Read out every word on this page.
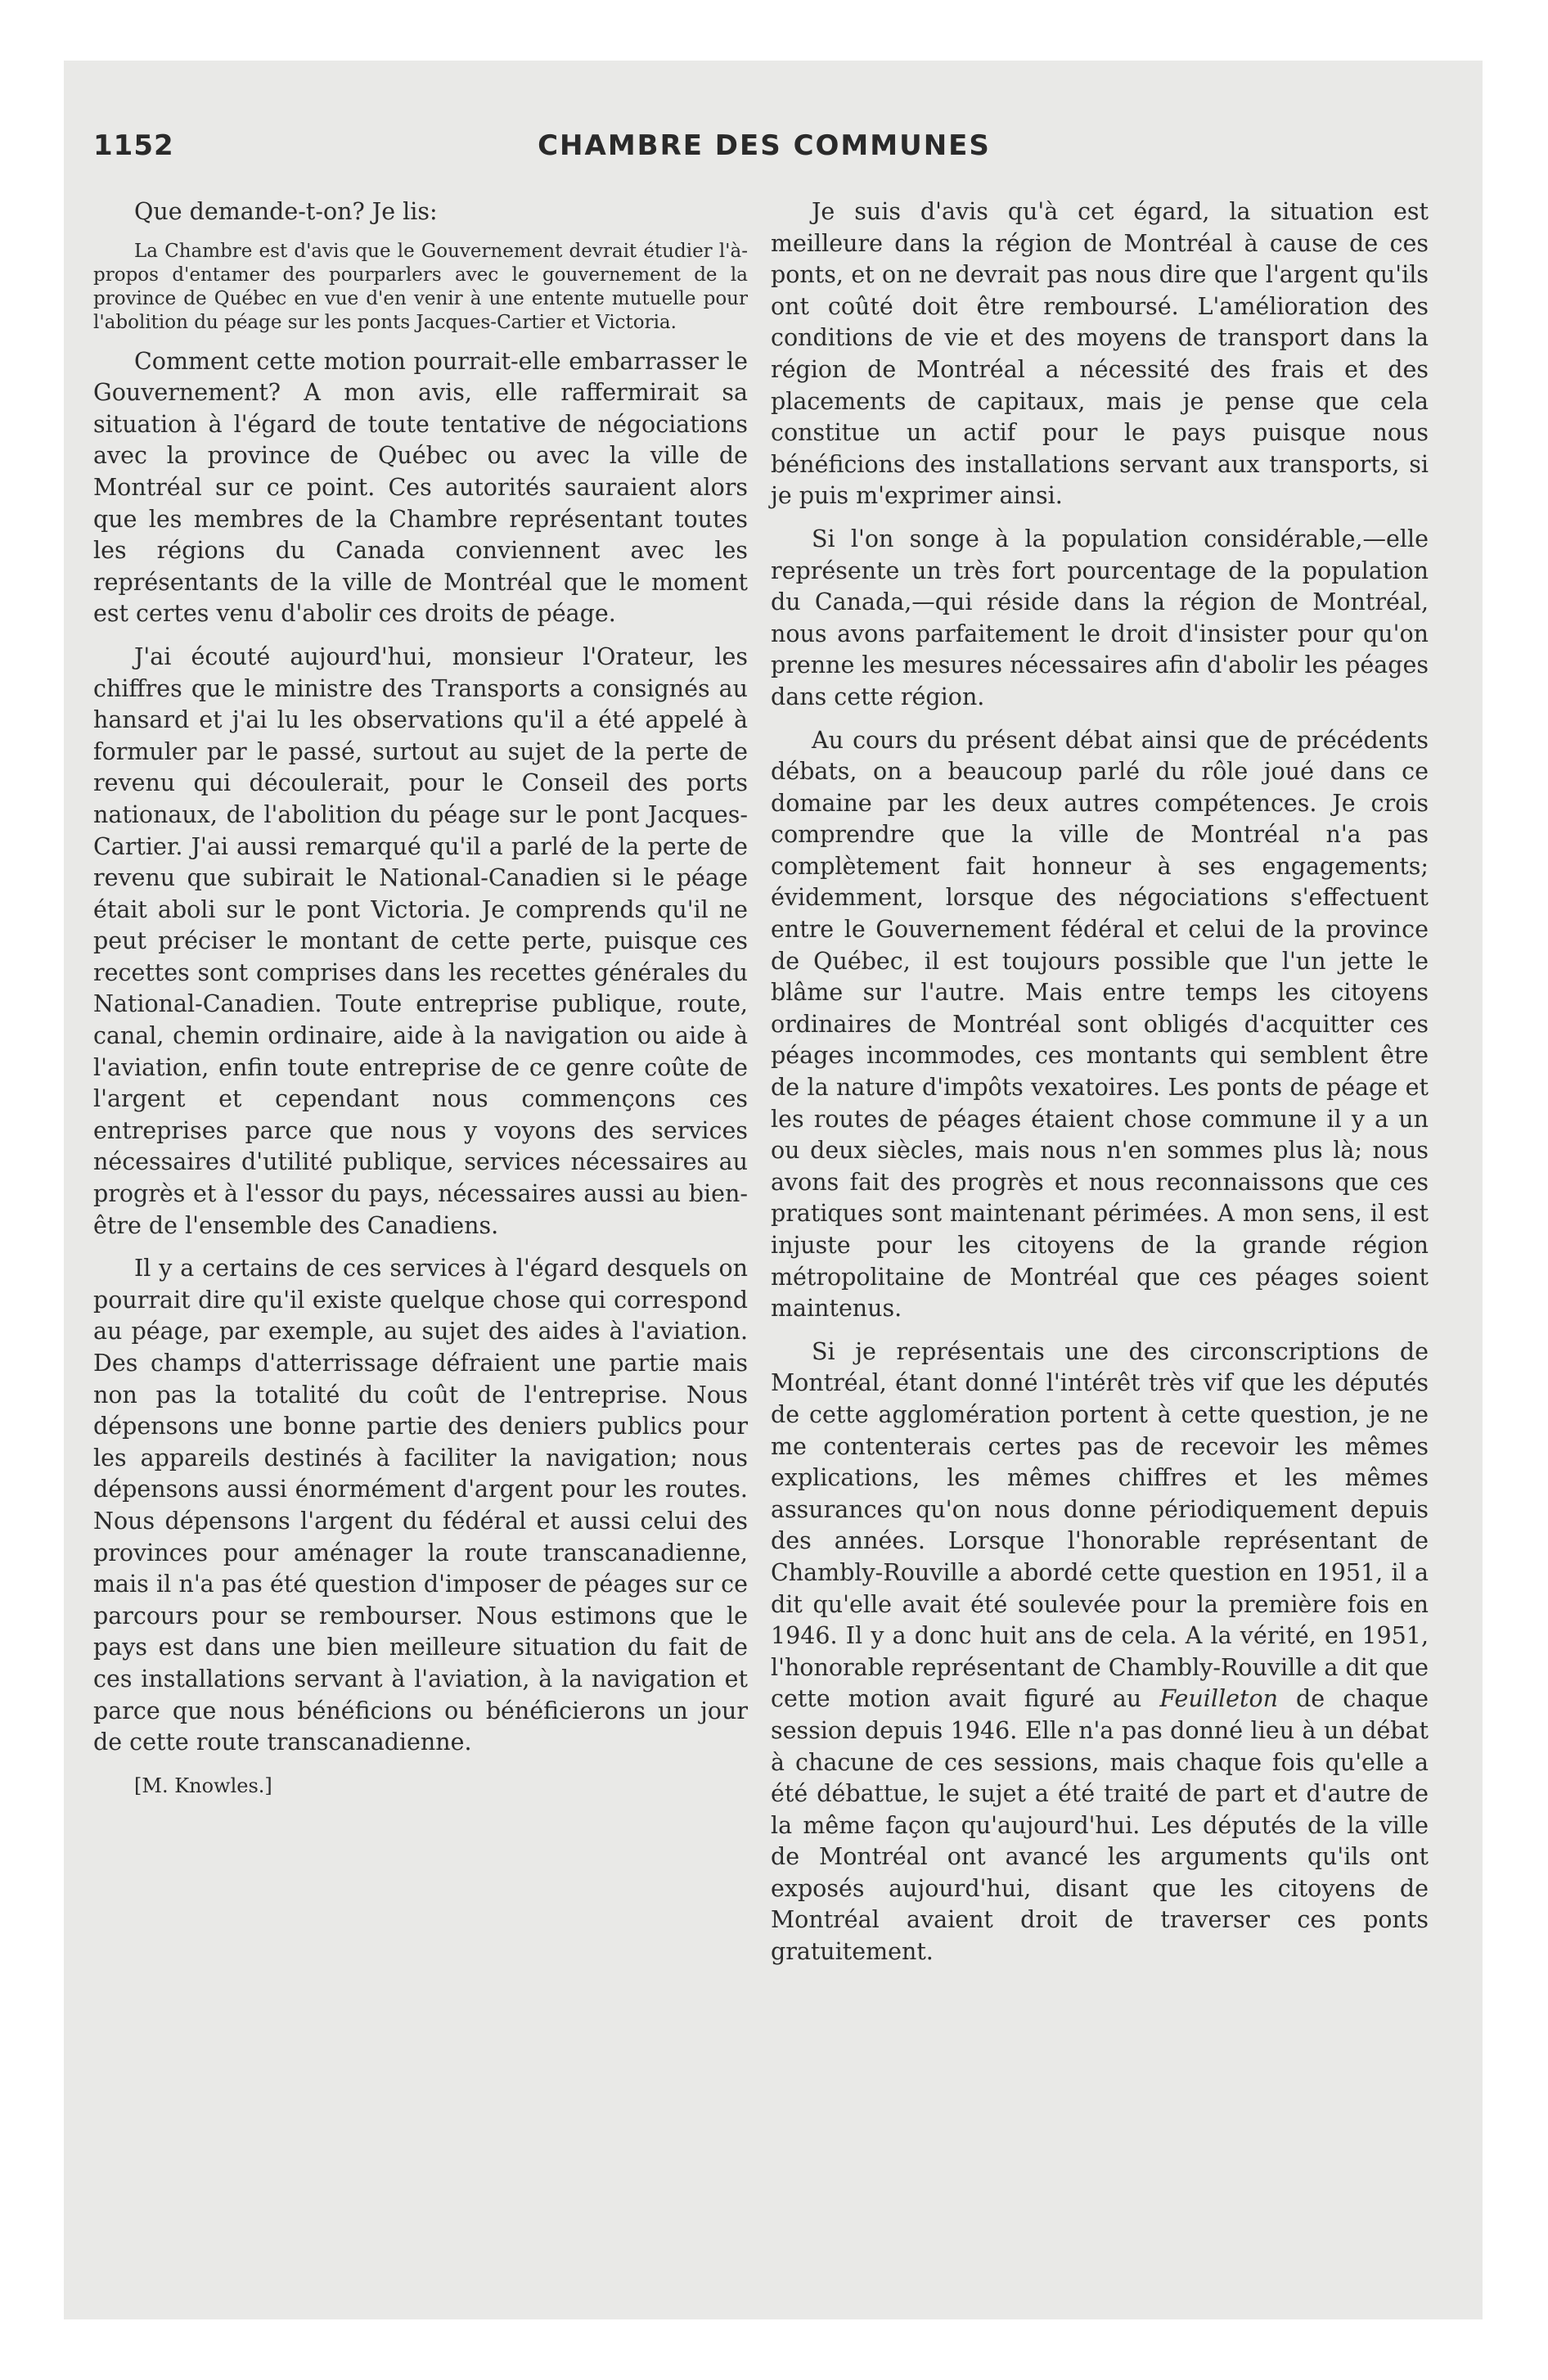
1152	CHAMBRE DES COMMUNES

Que demande-t-on? Je lis:

La Chambre est d'avis que le Gouvernement devrait étudier l'à-propos d'entamer des pourparlers avec le gouvernement de la province de Québec en vue d'en venir à une entente mutuelle pour l'abolition du péage sur les ponts Jacques-Cartier et Victoria.

Comment cette motion pourrait-elle embarrasser le Gouvernement? A mon avis, elle raffermirait sa situation à l'égard de toute tentative de négociations avec la province de Québec ou avec la ville de Montréal sur ce point. Ces autorités sauraient alors que les membres de la Chambre représentant toutes les régions du Canada conviennent avec les représentants de la ville de Montréal que le moment est certes venu d'abolir ces droits de péage.

J'ai écouté aujourd'hui, monsieur l'Orateur, les chiffres que le ministre des Transports a consignés au hansard et j'ai lu les observations qu'il a été appelé à formuler par le passé, surtout au sujet de la perte de revenu qui découlerait, pour le Conseil des ports nationaux, de l'abolition du péage sur le pont Jacques-Cartier. J'ai aussi remarqué qu'il a parlé de la perte de revenu que subirait le National-Canadien si le péage était aboli sur le pont Victoria. Je comprends qu'il ne peut préciser le montant de cette perte, puisque ces recettes sont comprises dans les recettes générales du National-Canadien. Toute entreprise publique, route, canal, chemin ordinaire, aide à la navigation ou aide à l'aviation, enfin toute entreprise de ce genre coûte de l'argent et cependant nous commençons ces entreprises parce que nous y voyons des services nécessaires d'utilité publique, services nécessaires au progrès et à l'essor du pays, nécessaires aussi au bien-être de l'ensemble des Canadiens.

Il y a certains de ces services à l'égard desquels on pourrait dire qu'il existe quelque chose qui correspond au péage, par exemple, au sujet des aides à l'aviation. Des champs d'atterrissage défraient une partie mais non pas la totalité du coût de l'entreprise. Nous dépensons une bonne partie des deniers publics pour les appareils destinés à faciliter la navigation; nous dépensons aussi énormément d'argent pour les routes. Nous dépensons l'argent du fédéral et aussi celui des provinces pour aménager la route transcanadienne, mais il n'a pas été question d'imposer de péages sur ce parcours pour se rembourser. Nous estimons que le pays est dans une bien meilleure situation du fait de ces installations servant à l'aviation, à la navigation et parce que nous bénéficions ou bénéficierons un jour de cette route transcanadienne.

[M. Knowles.]

Je suis d'avis qu'à cet égard, la situation est meilleure dans la région de Montréal à cause de ces ponts, et on ne devrait pas nous dire que l'argent qu'ils ont coûté doit être remboursé. L'amélioration des conditions de vie et des moyens de transport dans la région de Montréal a nécessité des frais et des placements de capitaux, mais je pense que cela constitue un actif pour le pays puisque nous bénéficions des installations servant aux transports, si je puis m'exprimer ainsi.

Si l'on songe à la population considérable,—elle représente un très fort pourcentage de la population du Canada,—qui réside dans la région de Montréal, nous avons parfaitement le droit d'insister pour qu'on prenne les mesures nécessaires afin d'abolir les péages dans cette région.

Au cours du présent débat ainsi que de précédents débats, on a beaucoup parlé du rôle joué dans ce domaine par les deux autres compétences. Je crois comprendre que la ville de Montréal n'a pas complètement fait honneur à ses engagements; évidemment, lorsque des négociations s'effectuent entre le Gouvernement fédéral et celui de la province de Québec, il est toujours possible que l'un jette le blâme sur l'autre. Mais entre temps les citoyens ordinaires de Montréal sont obligés d'acquitter ces péages incommodes, ces montants qui semblent être de la nature d'impôts vexatoires. Les ponts de péage et les routes de péages étaient chose commune il y a un ou deux siècles, mais nous n'en sommes plus là; nous avons fait des progrès et nous reconnaissons que ces pratiques sont maintenant périmées. A mon sens, il est injuste pour les citoyens de la grande région métropolitaine de Montréal que ces péages soient maintenus.

Si je représentais une des circonscriptions de Montréal, étant donné l'intérêt très vif que les députés de cette agglomération portent à cette question, je ne me contenterais certes pas de recevoir les mêmes explications, les mêmes chiffres et les mêmes assurances qu'on nous donne périodiquement depuis des années. Lorsque l'honorable représentant de Chambly-Rouville a abordé cette question en 1951, il a dit qu'elle avait été soulevée pour la première fois en 1946. Il y a donc huit ans de cela. A la vérité, en 1951, l'honorable représentant de Chambly-Rouville a dit que cette motion avait figuré au Feuilleton de chaque session depuis 1946. Elle n'a pas donné lieu à un débat à chacune de ces sessions, mais chaque fois qu'elle a été débattue, le sujet a été traité de part et d'autre de la même façon qu'aujourd'hui. Les députés de la ville de Montréal ont avancé les arguments qu'ils ont exposés aujourd'hui, disant que les citoyens de Montréal avaient droit de traverser ces ponts gratuitement.
